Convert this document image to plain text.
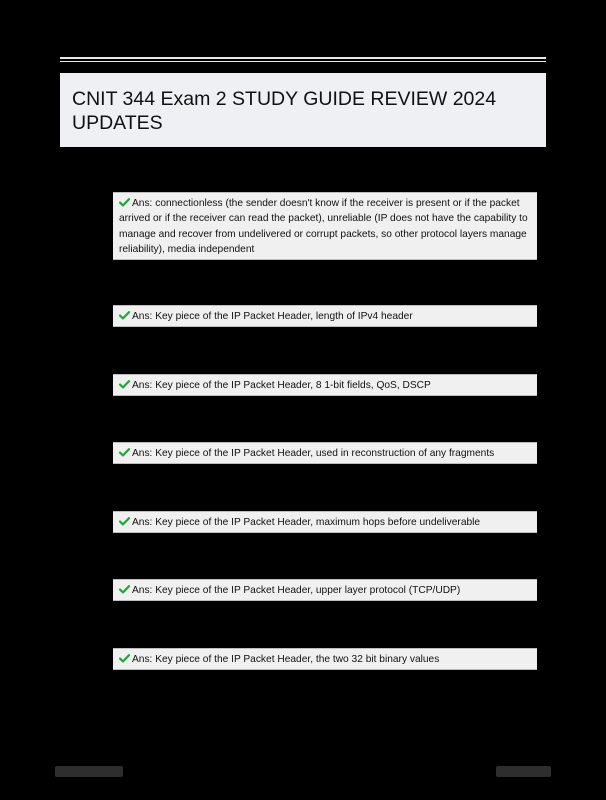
CNIT 344 Exam 2 STUDY GUIDE REVIEW 2024 UPDATES
Ans: connectionless (the sender doesn't know if the receiver is present or if the packet arrived or if the receiver can read the packet), unreliable (IP does not have the capability to manage and recover from undelivered or corrupt packets, so other protocol layers manage reliability), media independent
Ans: Key piece of the IP Packet Header, length of IPv4 header
Ans: Key piece of the IP Packet Header, 8 1-bit fields, QoS, DSCP
Ans: Key piece of the IP Packet Header, used in reconstruction of any fragments
Ans: Key piece of the IP Packet Header, maximum hops before undeliverable
Ans: Key piece of the IP Packet Header, upper layer protocol (TCP/UDP)
Ans: Key piece of the IP Packet Header, the two 32 bit binary values
